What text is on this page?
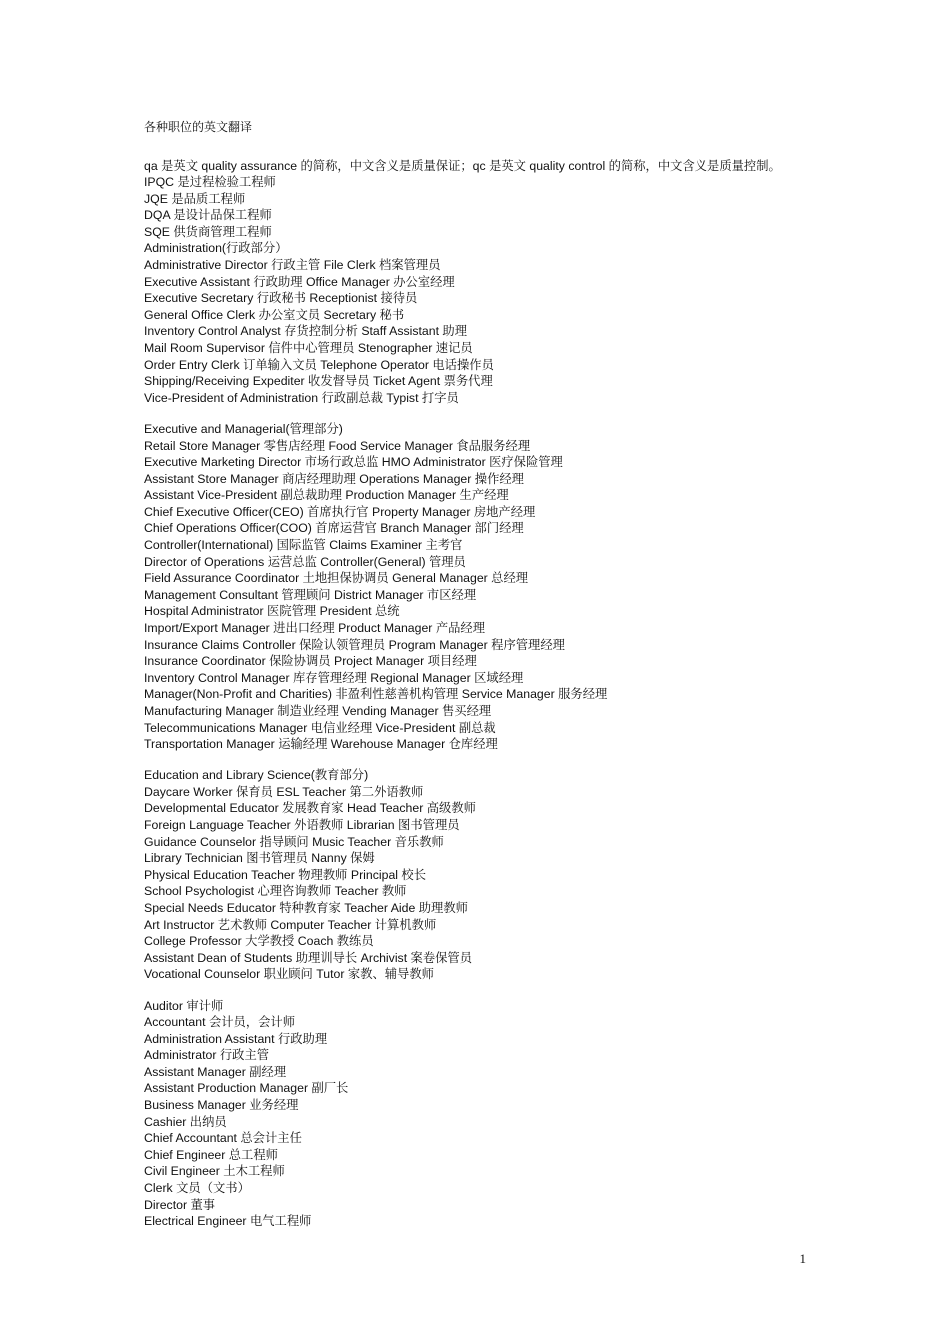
各种职位的英文翻译
qa 是英文 quality assurance 的简称，中文含义是质量保证；qc 是英文 quality control 的简称，中文含义是质量控制。
IPQC 是过程检验工程师
JQE 是品质工程师
DQA 是设计品保工程师
SQE 供货商管理工程师
Administration(行政部分）
Administrative Director 行政主管 File Clerk 档案管理员
Executive Assistant 行政助理 Office Manager 办公室经理
Executive Secretary 行政秘书 Receptionist 接待员
General Office Clerk 办公室文员 Secretary 秘书
Inventory Control Analyst 存货控制分析 Staff Assistant 助理
Mail Room Supervisor 信件中心管理员 Stenographer 速记员
Order Entry Clerk 订单输入文员 Telephone Operator 电话操作员
Shipping/Receiving Expediter 收发督导员 Ticket Agent 票务代理
Vice-President of Administration 行政副总裁 Typist 打字员
Executive and Managerial(管理部分)
Retail Store Manager 零售店经理 Food Service Manager 食品服务经理
Executive Marketing Director 市场行政总监 HMO Administrator 医疗保险管理
Assistant Store Manager 商店经理助理 Operations Manager 操作经理
Assistant Vice-President 副总裁助理 Production Manager 生产经理
Chief Executive Officer(CEO) 首席执行官 Property Manager 房地产经理
Chief Operations Officer(COO) 首席运营官 Branch Manager 部门经理
Controller(International) 国际监管 Claims Examiner 主考官
Director of Operations 运营总监 Controller(General) 管理员
Field Assurance Coordinator 土地担保协调员 General Manager 总经理
Management Consultant 管理顾问 District Manager 市区经理
Hospital Administrator 医院管理 President 总统
Import/Export Manager 进出口经理 Product Manager 产品经理
Insurance Claims Controller 保险认领管理员 Program Manager 程序管理经理
Insurance Coordinator 保险协调员 Project Manager 项目经理
Inventory Control Manager 库存管理经理 Regional Manager 区域经理
Manager(Non-Profit and Charities) 非盈利性慈善机构管理 Service Manager 服务经理
Manufacturing Manager 制造业经理 Vending Manager 售买经理
Telecommunications Manager 电信业经理 Vice-President 副总裁
Transportation Manager 运输经理 Warehouse Manager 仓库经理
Education and Library Science(教育部分)
Daycare Worker 保育员 ESL Teacher 第二外语教师
Developmental Educator 发展教育家 Head Teacher 高级教师
Foreign Language Teacher 外语教师 Librarian 图书管理员
Guidance Counselor 指导顾问 Music Teacher 音乐教师
Library Technician 图书管理员 Nanny 保姆
Physical Education Teacher 物理教师 Principal 校长
School Psychologist 心理咨询教师 Teacher 教师
Special Needs Educator 特种教育家 Teacher Aide 助理教师
Art Instructor 艺术教师 Computer Teacher 计算机教师
College Professor 大学教授 Coach 教练员
Assistant Dean of Students 助理训导长 Archivist 案卷保管员
Vocational Counselor 职业顾问 Tutor 家教、辅导教师
Auditor 审计师
Accountant 会计员，会计师
Administration Assistant 行政助理
Administrator 行政主管
Assistant Manager 副经理
Assistant Production Manager 副厂长
Business Manager 业务经理
Cashier 出纳员
Chief Accountant 总会计主任
Chief Engineer 总工程师
Civil Engineer 土木工程师
Clerk 文员（文书）
Director 董事
Electrical Engineer 电气工程师
1
